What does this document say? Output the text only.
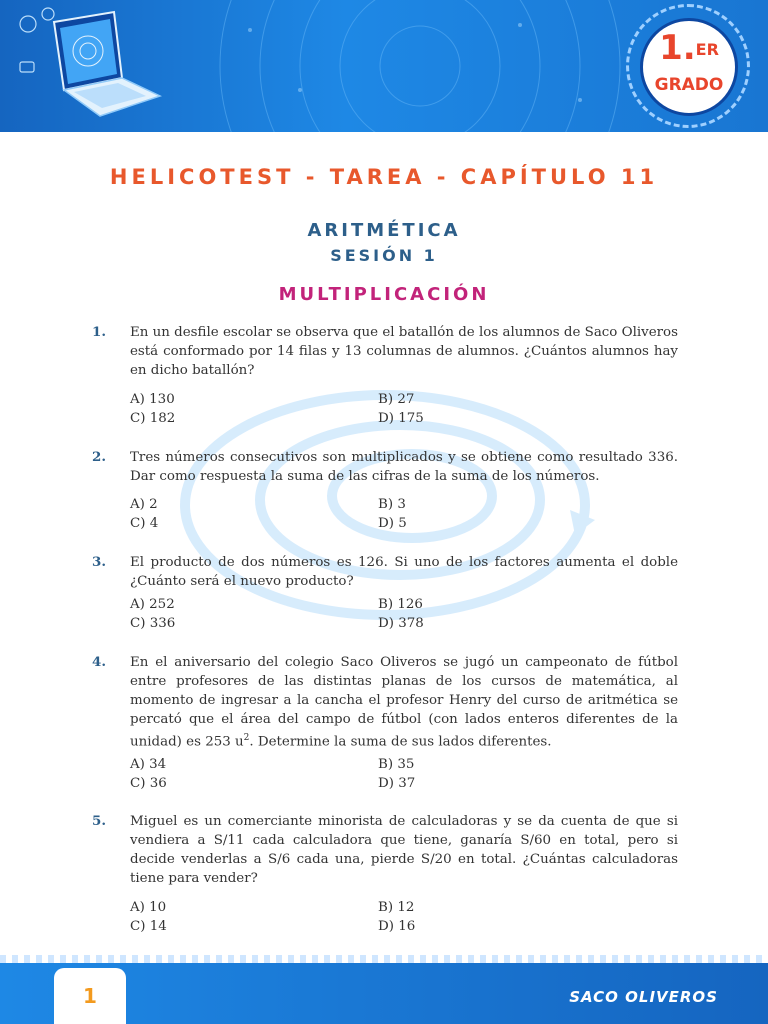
1.$^{ER}$
GRADO
HELICOTEST - TAREA - CAPÍTULO 11
ARITMÉTICA
SESIÓN 1
MULTIPLICACIÓN
1. En un desfile escolar se observa que el batallón de los alumnos de Saco Oliveros está conformado por 14 filas y 13 columnas de alumnos. ¿Cuántos alumnos hay en dicho batallón?
A) 130	B) 27
C) 182	D) 175
2. Tres números consecutivos son multiplicados y se obtiene como resultado 336. Dar como respuesta la suma de las cifras de la suma de los números.
A) 2	B) 3
C) 4	D) 5
3. El producto de dos números es 126. Si uno de los factores aumenta el doble ¿Cuánto será el nuevo producto?
A) 252	B) 126
C) 336	D) 378
4. En el aniversario del colegio Saco Oliveros se jugó un campeonato de fútbol entre profesores de las distintas planas de los cursos de matemática, al momento de ingresar a la cancha el profesor Henry del curso de aritmética se percató que el área del campo de fútbol (con lados enteros diferentes de la unidad) es 253 $u^2$. Determine la suma de sus lados diferentes.
A) 34	B) 35
C) 36	D) 37
5. Miguel es un comerciante minorista de calculadoras y se da cuenta de que si vendiera a S/11 cada calculadora que tiene, ganaría S/60 en total, pero si decide venderlas a S/6 cada una, pierde S/20 en total. ¿Cuántas calculadoras tiene para vender?
A) 10	B) 12
C) 14	D) 16
1	SACO OLIVEROS
